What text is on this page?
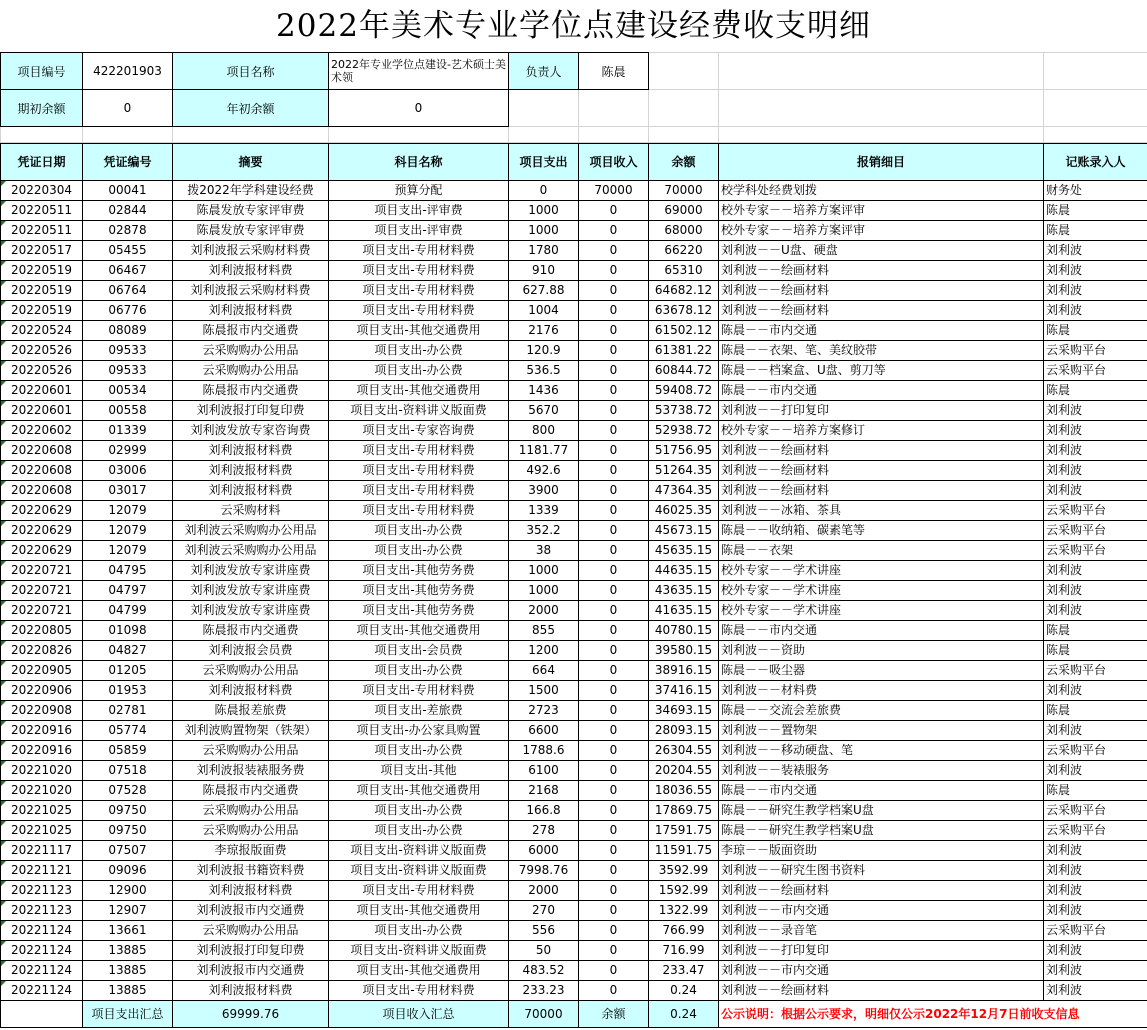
2022年美术专业学位点建设经费收支明细
项目编号	422201903	项目名称	2022年专业学位点建设-艺术硕士美术领	负责人	陈晨			
期初余额	0	年初余额	0					

凭证日期	凭证编号	摘要	科目名称	项目支出	项目收入	余额	报销细目	记账录入人
20220304	00041	拨2022年学科建设经费	预算分配	0	70000	70000	校学科处经费划拨	财务处
20220511	02844	陈晨发放专家评审费	项目支出-评审费	1000	0	69000	校外专家－－培养方案评审	陈晨
20220511	02878	陈晨发放专家评审费	项目支出-评审费	1000	0	68000	校外专家－－培养方案评审	陈晨
20220517	05455	刘利波报云采购材料费	项目支出-专用材料费	1780	0	66220	刘利波－－U盘、硬盘	刘利波
20220519	06467	刘利波报材料费	项目支出-专用材料费	910	0	65310	刘利波－－绘画材料	刘利波
20220519	06764	刘利波报云采购材料费	项目支出-专用材料费	627.88	0	64682.12	刘利波－－绘画材料	刘利波
20220519	06776	刘利波报材料费	项目支出-专用材料费	1004	0	63678.12	刘利波－－绘画材料	刘利波
20220524	08089	陈晨报市内交通费	项目支出-其他交通费用	2176	0	61502.12	陈晨－－市内交通	陈晨
20220526	09533	云采购购办公用品	项目支出-办公费	120.9	0	61381.22	陈晨－－衣架、笔、美纹胶带	云采购平台
20220526	09533	云采购购办公用品	项目支出-办公费	536.5	0	60844.72	陈晨－－档案盒、U盘、剪刀等	云采购平台
20220601	00534	陈晨报市内交通费	项目支出-其他交通费用	1436	0	59408.72	陈晨－－市内交通	陈晨
20220601	00558	刘利波报打印复印费	项目支出-资料讲义版面费	5670	0	53738.72	刘利波－－打印复印	刘利波
20220602	01339	刘利波发放专家咨询费	项目支出-专家咨询费	800	0	52938.72	校外专家－－培养方案修订	刘利波
20220608	02999	刘利波报材料费	项目支出-专用材料费	1181.77	0	51756.95	刘利波－－绘画材料	刘利波
20220608	03006	刘利波报材料费	项目支出-专用材料费	492.6	0	51264.35	刘利波－－绘画材料	刘利波
20220608	03017	刘利波报材料费	项目支出-专用材料费	3900	0	47364.35	刘利波－－绘画材料	刘利波
20220629	12079	云采购材料	项目支出-专用材料费	1339	0	46025.35	刘利波－－冰箱、茶具	云采购平台
20220629	12079	刘利波云采购购办公用品	项目支出-办公费	352.2	0	45673.15	陈晨－－收纳箱、碳素笔等	云采购平台
20220629	12079	刘利波云采购购办公用品	项目支出-办公费	38	0	45635.15	陈晨－－衣架	云采购平台
20220721	04795	刘利波发放专家讲座费	项目支出-其他劳务费	1000	0	44635.15	校外专家－－学术讲座	刘利波
20220721	04797	刘利波发放专家讲座费	项目支出-其他劳务费	1000	0	43635.15	校外专家－－学术讲座	刘利波
20220721	04799	刘利波发放专家讲座费	项目支出-其他劳务费	2000	0	41635.15	校外专家－－学术讲座	刘利波
20220805	01098	陈晨报市内交通费	项目支出-其他交通费用	855	0	40780.15	陈晨－－市内交通	陈晨
20220826	04827	刘利波报会员费	项目支出-会员费	1200	0	39580.15	刘利波－－资助	陈晨
20220905	01205	云采购购办公用品	项目支出-办公费	664	0	38916.15	陈晨－－吸尘器	云采购平台
20220906	01953	刘利波报材料费	项目支出-专用材料费	1500	0	37416.15	刘利波－－材料费	刘利波
20220908	02781	陈晨报差旅费	项目支出-差旅费	2723	0	34693.15	陈晨－－交流会差旅费	陈晨
20220916	05774	刘利波购置物架（铁架）	项目支出-办公家具购置	6600	0	28093.15	刘利波－－置物架	刘利波
20220916	05859	云采购购办公用品	项目支出-办公费	1788.6	0	26304.55	刘利波－－移动硬盘、笔	云采购平台
20221020	07518	刘利波报装裱服务费	项目支出-其他	6100	0	20204.55	刘利波－－装裱服务	刘利波
20221020	07528	陈晨报市内交通费	项目支出-其他交通费用	2168	0	18036.55	陈晨－－市内交通	陈晨
20221025	09750	云采购购办公用品	项目支出-办公费	166.8	0	17869.75	陈晨－－研究生教学档案U盘	云采购平台
20221025	09750	云采购购办公用品	项目支出-办公费	278	0	17591.75	陈晨－－研究生教学档案U盘	云采购平台
20221117	07507	李琼报版面费	项目支出-资料讲义版面费	6000	0	11591.75	李琼－－版面资助	刘利波
20221121	09096	刘利波报书籍资料费	项目支出-资料讲义版面费	7998.76	0	3592.99	刘利波－－研究生图书资料	刘利波
20221123	12900	刘利波报材料费	项目支出-专用材料费	2000	0	1592.99	刘利波－－绘画材料	刘利波
20221123	12907	刘利波报市内交通费	项目支出-其他交通费用	270	0	1322.99	刘利波－－市内交通	刘利波
20221124	13661	云采购购办公用品	项目支出-办公费	556	0	766.99	刘利波－－录音笔	云采购平台
20221124	13885	刘利波报打印复印费	项目支出-资料讲义版面费	50	0	716.99	刘利波－－打印复印	刘利波
20221124	13885	刘利波报市内交通费	项目支出-其他交通费用	483.52	0	233.47	刘利波－－市内交通	刘利波
20221124	13885	刘利波报材料费	项目支出-专用材料费	233.23	0	0.24	刘利波－－绘画材料	刘利波
	项目支出汇总	69999.76	项目收入汇总	70000	余额	0.24	公示说明：根据公示要求，明细仅公示2022年12月7日前收支信息	
